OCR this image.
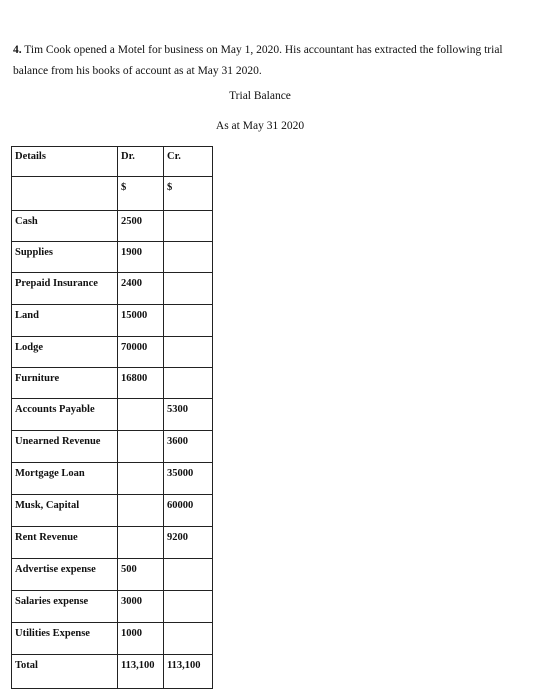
4. Tim Cook opened a Motel for business on May 1, 2020. His accountant has extracted the following trial balance from his books of account as at May 31 2020.

Trial Balance

As at May 31 2020

Details	Dr.	Cr.
	$	$
Cash	2500	
Supplies	1900	
Prepaid Insurance	2400	
Land	15000	
Lodge	70000	
Furniture	16800	
Accounts Payable		5300
Unearned Revenue		3600
Mortgage Loan		35000
Musk, Capital		60000
Rent Revenue		9200
Advertise expense	500	
Salaries expense	3000	
Utilities Expense	1000	
Total	113,100	113,100
